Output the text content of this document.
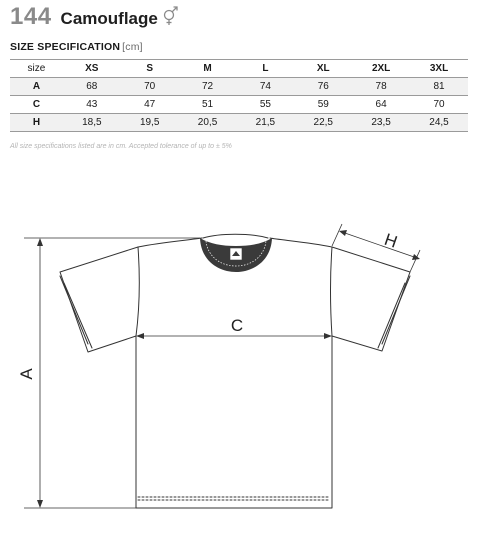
144 Camouflage
SIZE SPECIFICATION [cm]
size	XS	S	M	L	XL	2XL	3XL
A	68	70	72	74	76	78	81
C	43	47	51	55	59	64	70
H	18,5	19,5	20,5	21,5	22,5	23,5	24,5
All size specifications listed are in cm. Accepted tolerance of up to ± 5%
A
C
H
